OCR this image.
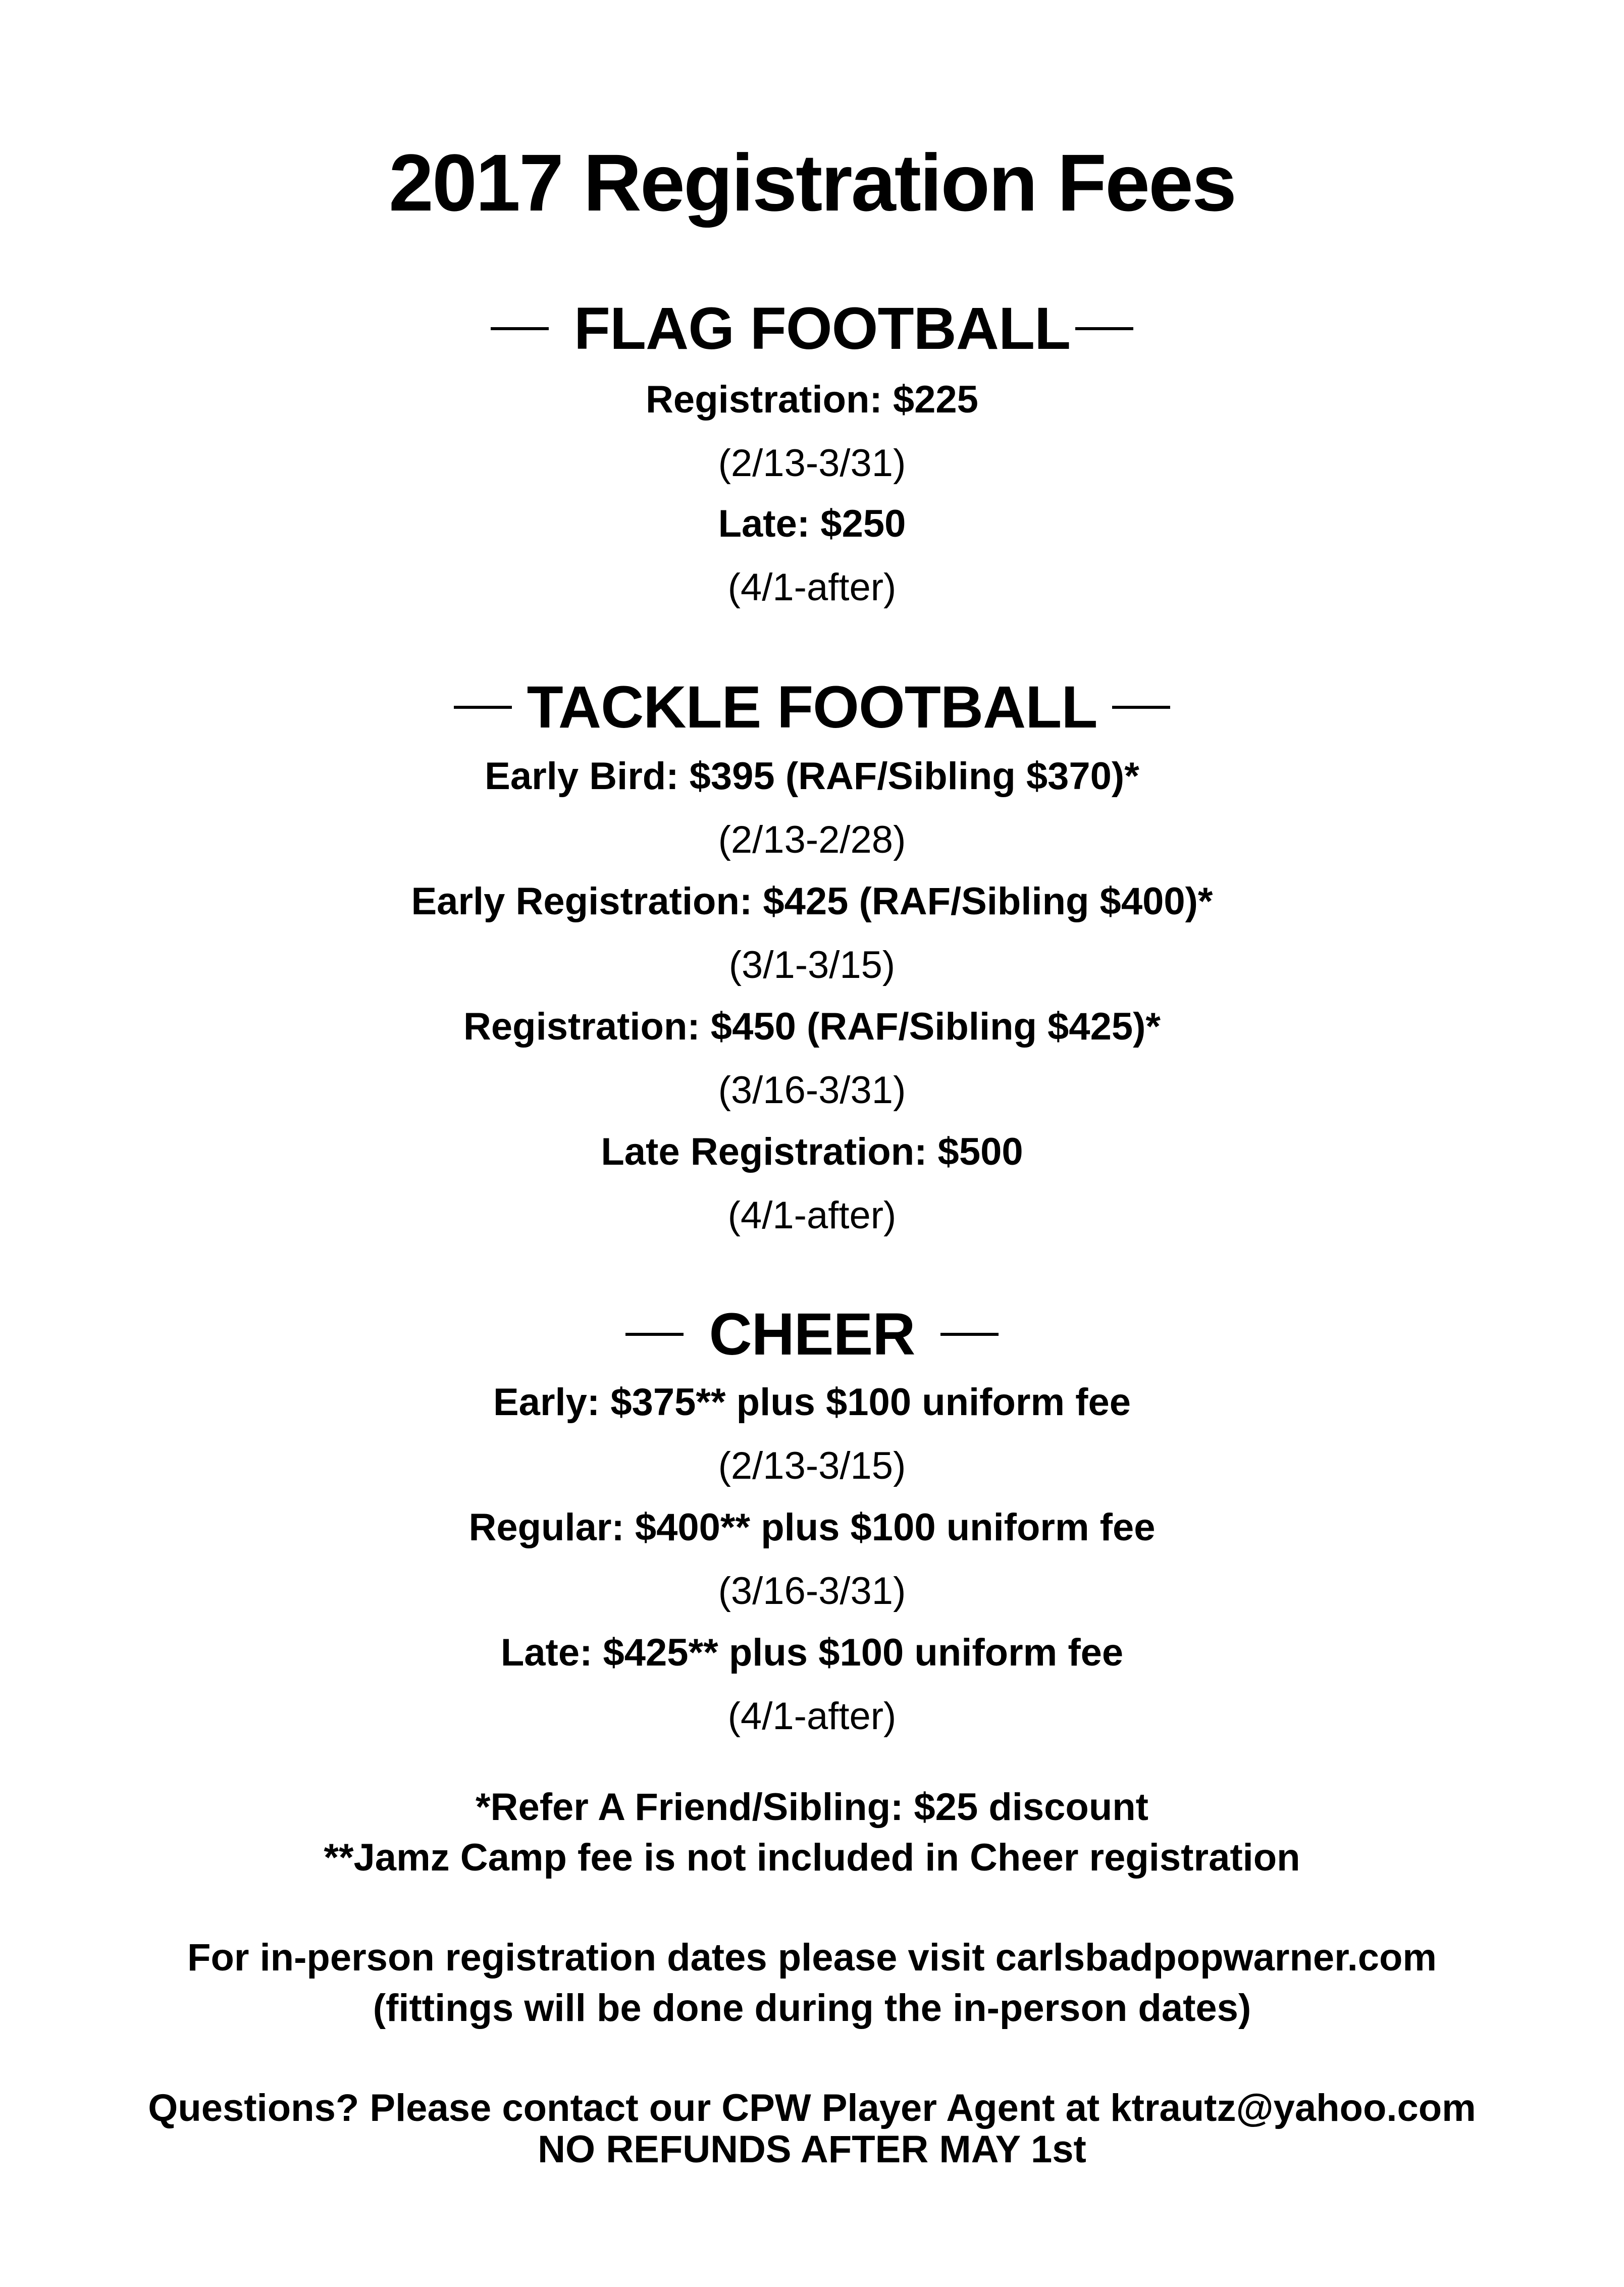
2017 Registration Fees
FLAG FOOTBALL
Registration: $225
(2/13-3/31)
Late: $250
(4/1-after)
TACKLE FOOTBALL
Early Bird: $395 (RAF/Sibling $370)*
(2/13-2/28)
Early Registration: $425 (RAF/Sibling $400)*
(3/1-3/15)
Registration: $450 (RAF/Sibling $425)*
(3/16-3/31)
Late Registration: $500
(4/1-after)
CHEER
Early: $375** plus $100 uniform fee
(2/13-3/15)
Regular: $400** plus $100 uniform fee
(3/16-3/31)
Late: $425** plus $100 uniform fee
(4/1-after)
*Refer A Friend/Sibling: $25 discount
**Jamz Camp fee is not included in Cheer registration
For in-person registration dates please visit carlsbadpopwarner.com
(fittings will be done during the in-person dates)
Questions? Please contact our CPW Player Agent at ktrautz@yahoo.com
NO REFUNDS AFTER MAY 1st
